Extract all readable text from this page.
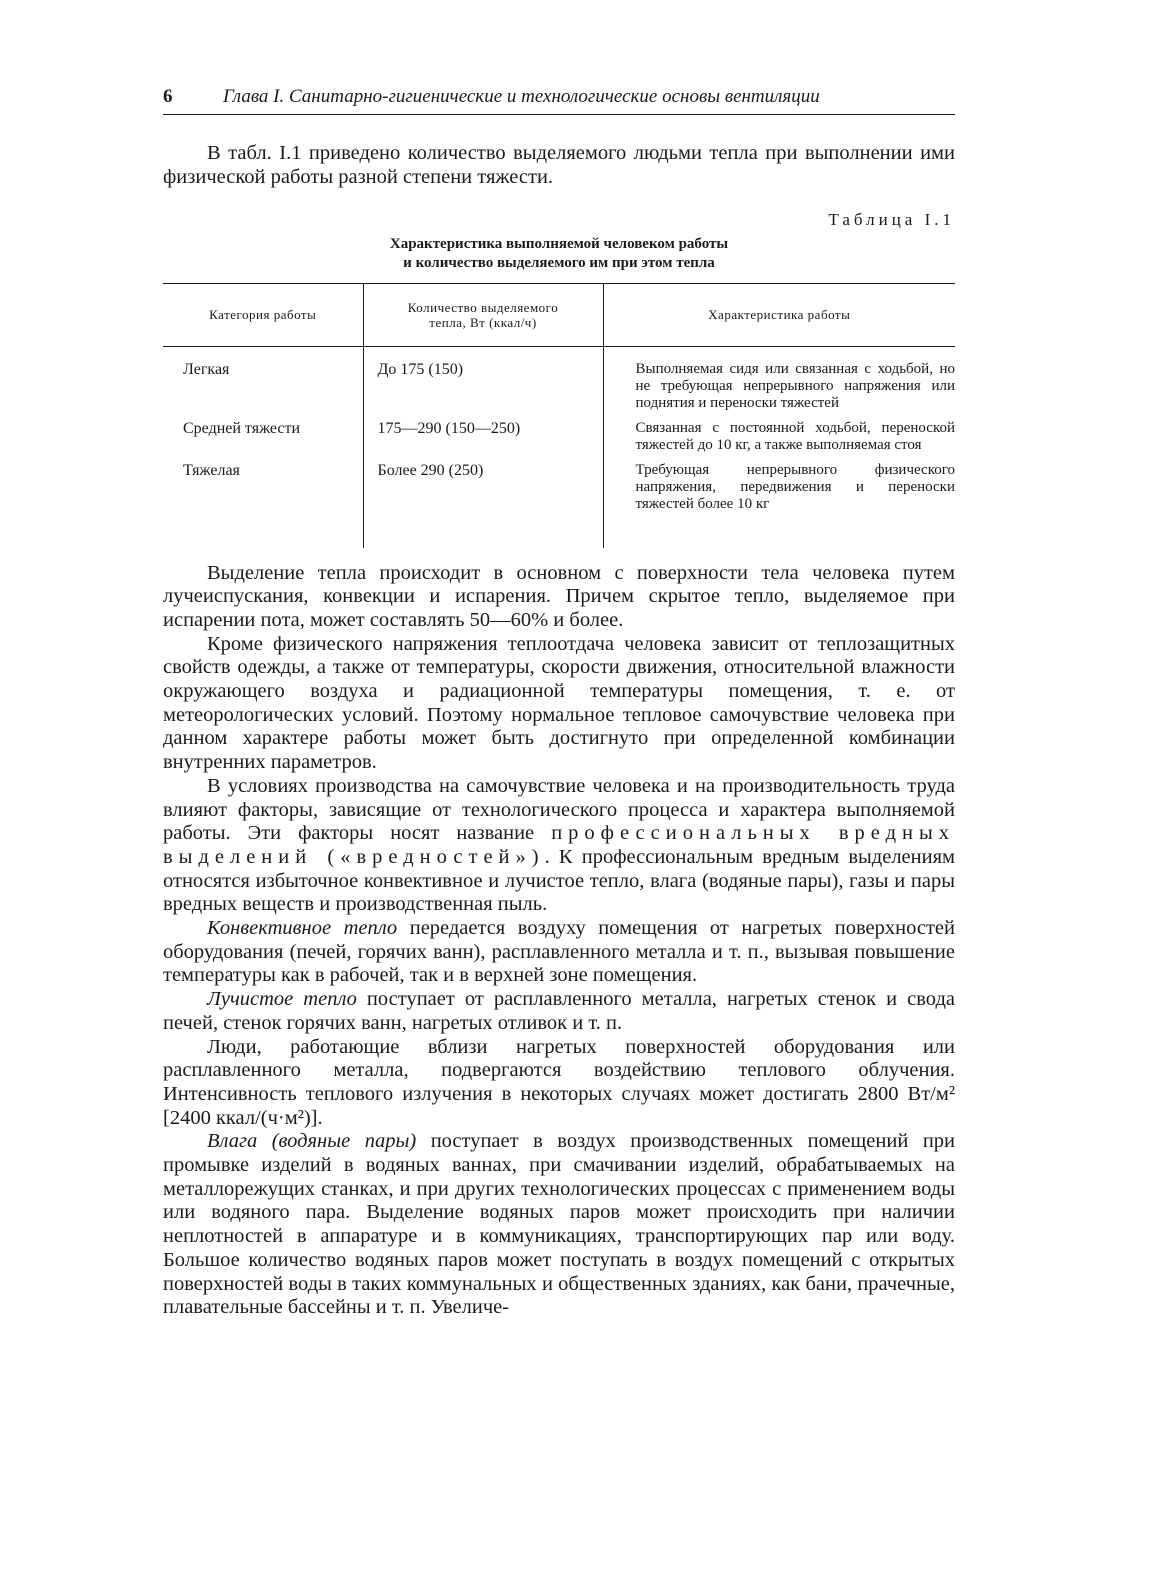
6	Глава I. Санитарно-гигиенические и технологические основы вентиляции

В табл. I.1 приведено количество выделяемого людьми тепла при выполнении ими физической работы разной степени тяжести.

Таблица I.1
Характеристика выполняемой человеком работы
и количество выделяемого им при этом тепла
Категория работы	Количество выделяемого тепла, Вт (ккал/ч)	Характеристика работы
Легкая	До 175 (150)	Выполняемая сидя или связанная с ходьбой, но не требующая непрерывного напряжения или поднятия и переноски тяжестей
Средней тяжести	175—290 (150—250)	Связанная с постоянной ходьбой, переноской тяжестей до 10 кг, а также выполняемая стоя
Тяжелая	Более 290 (250)	Требующая непрерывного физического напряжения, передвижения и переноски тяжестей более 10 кг

Выделение тепла происходит в основном с поверхности тела человека путем лучеиспускания, конвекции и испарения. Причем скрытое тепло, выделяемое при испарении пота, может составлять 50—60% и более.

Кроме физического напряжения теплоотдача человека зависит от теплозащитных свойств одежды, а также от температуры, скорости движения, относительной влажности окружающего воздуха и радиационной температуры помещения, т. е. от метеорологических условий. Поэтому нормальное тепловое самочувствие человека при данном характере работы может быть достигнуто при определенной комбинации внутренних параметров.

В условиях производства на самочувствие человека и на производительность труда влияют факторы, зависящие от технологического процесса и характера выполняемой работы. Эти факторы носят название профессиональных вредных выделений («вредностей»). К профессиональным вредным выделениям относятся избыточное конвективное и лучистое тепло, влага (водяные пары), газы и пары вредных веществ и производственная пыль.

Конвективное тепло передается воздуху помещения от нагретых поверхностей оборудования (печей, горячих ванн), расплавленного металла и т. п., вызывая повышение температуры как в рабочей, так и в верхней зоне помещения.

Лучистое тепло поступает от расплавленного металла, нагретых стенок и свода печей, стенок горячих ванн, нагретых отливок и т. п.

Люди, работающие вблизи нагретых поверхностей оборудования или расплавленного металла, подвергаются воздействию теплового облучения. Интенсивность теплового излучения в некоторых случаях может достигать 2800 Вт/м² [2400 ккал/(ч·м²)].

Влага (водяные пары) поступает в воздух производственных помещений при промывке изделий в водяных ваннах, при смачивании изделий, обрабатываемых на металлорежущих станках, и при других технологических процессах с применением воды или водяного пара. Выделение водяных паров может происходить при наличии неплотностей в аппаратуре и в коммуникациях, транспортирующих пар или воду. Большое количество водяных паров может поступать в воздух помещений с открытых поверхностей воды в таких коммунальных и общественных зданиях, как бани, прачечные, плавательные бассейны и т. п. Увеличе-
